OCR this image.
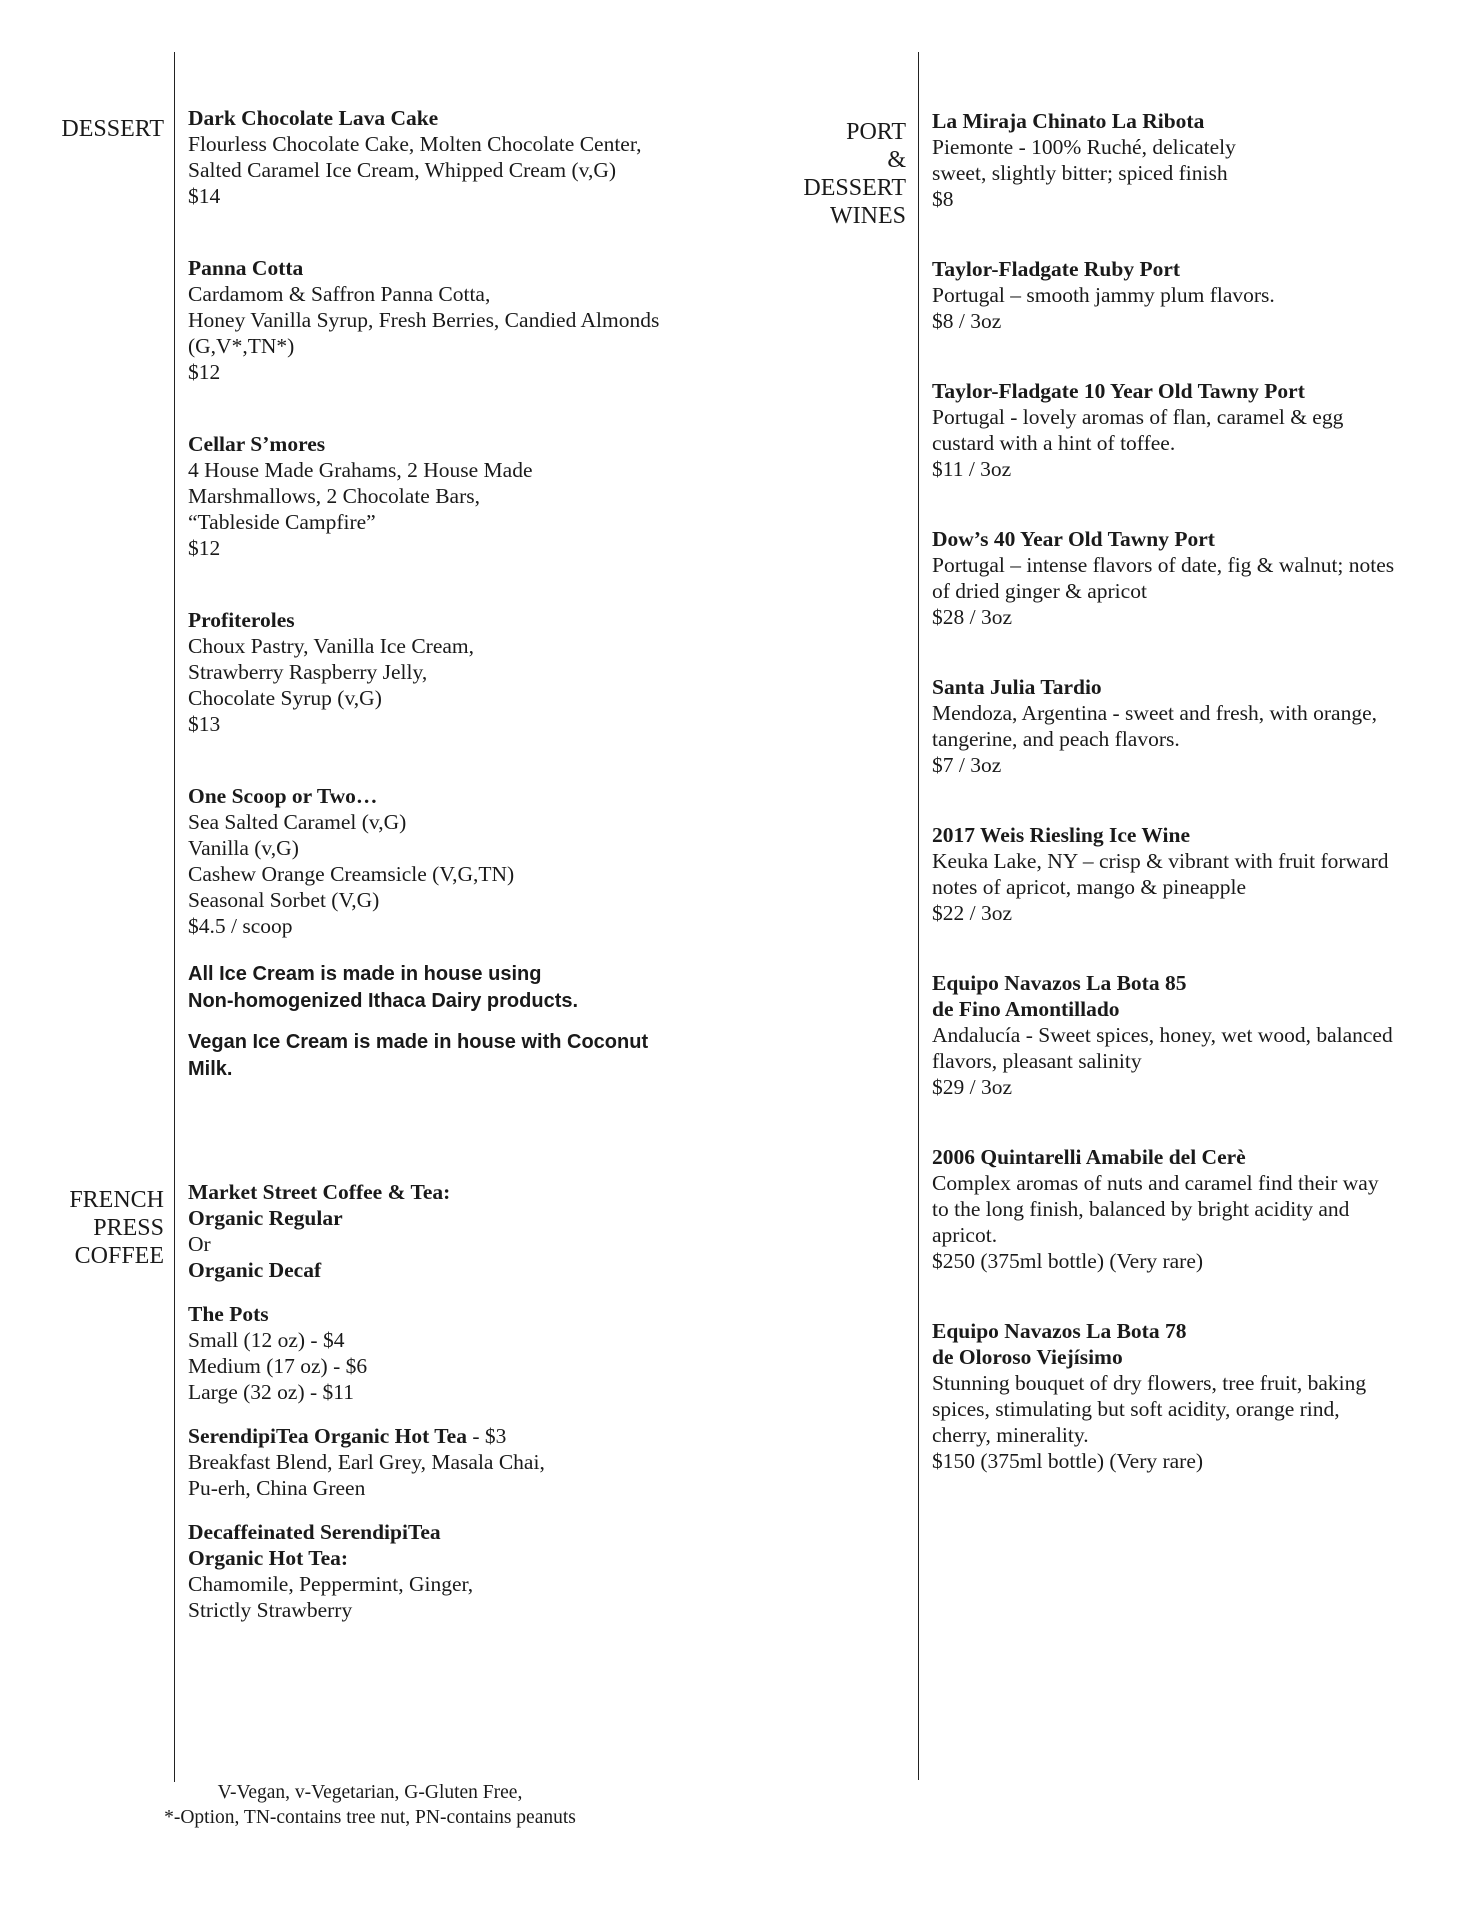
DESSERT
FRENCH
PRESS
COFFEE
PORT
&
DESSERT
WINES
Dark Chocolate Lava Cake
Flourless Chocolate Cake, Molten Chocolate Center,
Salted Caramel Ice Cream, Whipped Cream (v,G)
$14
Panna Cotta
Cardamom & Saffron Panna Cotta,
Honey Vanilla Syrup, Fresh Berries, Candied Almonds
(G,V*,TN*)
$12
Cellar S’mores
4 House Made Grahams, 2 House Made
Marshmallows, 2 Chocolate Bars,
“Tableside Campfire”
$12
Profiteroles
Choux Pastry, Vanilla Ice Cream,
Strawberry Raspberry Jelly,
Chocolate Syrup (v,G)
$13
One Scoop or Two…
Sea Salted Caramel (v,G)
Vanilla (v,G)
Cashew Orange Creamsicle (V,G,TN)
Seasonal Sorbet (V,G)
$4.5 / scoop
All Ice Cream is made in house using
Non-homogenized Ithaca Dairy products.
Vegan Ice Cream is made in house with Coconut
Milk.
Market Street Coffee & Tea:
Organic Regular
Or
Organic Decaf
The Pots
Small (12 oz) - $4
Medium (17 oz) - $6
Large (32 oz) - $11
SerendipiTea Organic Hot Tea - $3
Breakfast Blend, Earl Grey, Masala Chai,
Pu-erh, China Green
Decaffeinated SerendipiTea
Organic Hot Tea:
Chamomile, Peppermint, Ginger,
Strictly Strawberry
La Miraja Chinato La Ribota
Piemonte - 100% Ruché, delicately
sweet, slightly bitter; spiced finish
$8
Taylor-Fladgate Ruby Port
Portugal – smooth jammy plum flavors.
$8 / 3oz
Taylor-Fladgate 10 Year Old Tawny Port
Portugal - lovely aromas of flan, caramel & egg
custard with a hint of toffee.
$11 / 3oz
Dow’s 40 Year Old Tawny Port
Portugal – intense flavors of date, fig & walnut; notes
of dried ginger & apricot
$28 / 3oz
Santa Julia Tardio
Mendoza, Argentina - sweet and fresh, with orange,
tangerine, and peach flavors.
$7 / 3oz
2017 Weis Riesling Ice Wine
Keuka Lake, NY – crisp & vibrant with fruit forward
notes of apricot, mango & pineapple
$22 / 3oz
Equipo Navazos La Bota 85
de Fino Amontillado
Andalucía - Sweet spices, honey, wet wood, balanced
flavors, pleasant salinity
$29 / 3oz
2006 Quintarelli Amabile del Cerè
Complex aromas of nuts and caramel find their way
to the long finish, balanced by bright acidity and
apricot.
$250 (375ml bottle) (Very rare)
Equipo Navazos La Bota 78
de Oloroso Viejísimo
Stunning bouquet of dry flowers, tree fruit, baking
spices, stimulating but soft acidity, orange rind,
cherry, minerality.
$150 (375ml bottle) (Very rare)
V-Vegan, v-Vegetarian, G-Gluten Free,
*-Option, TN-contains tree nut, PN-contains peanuts
